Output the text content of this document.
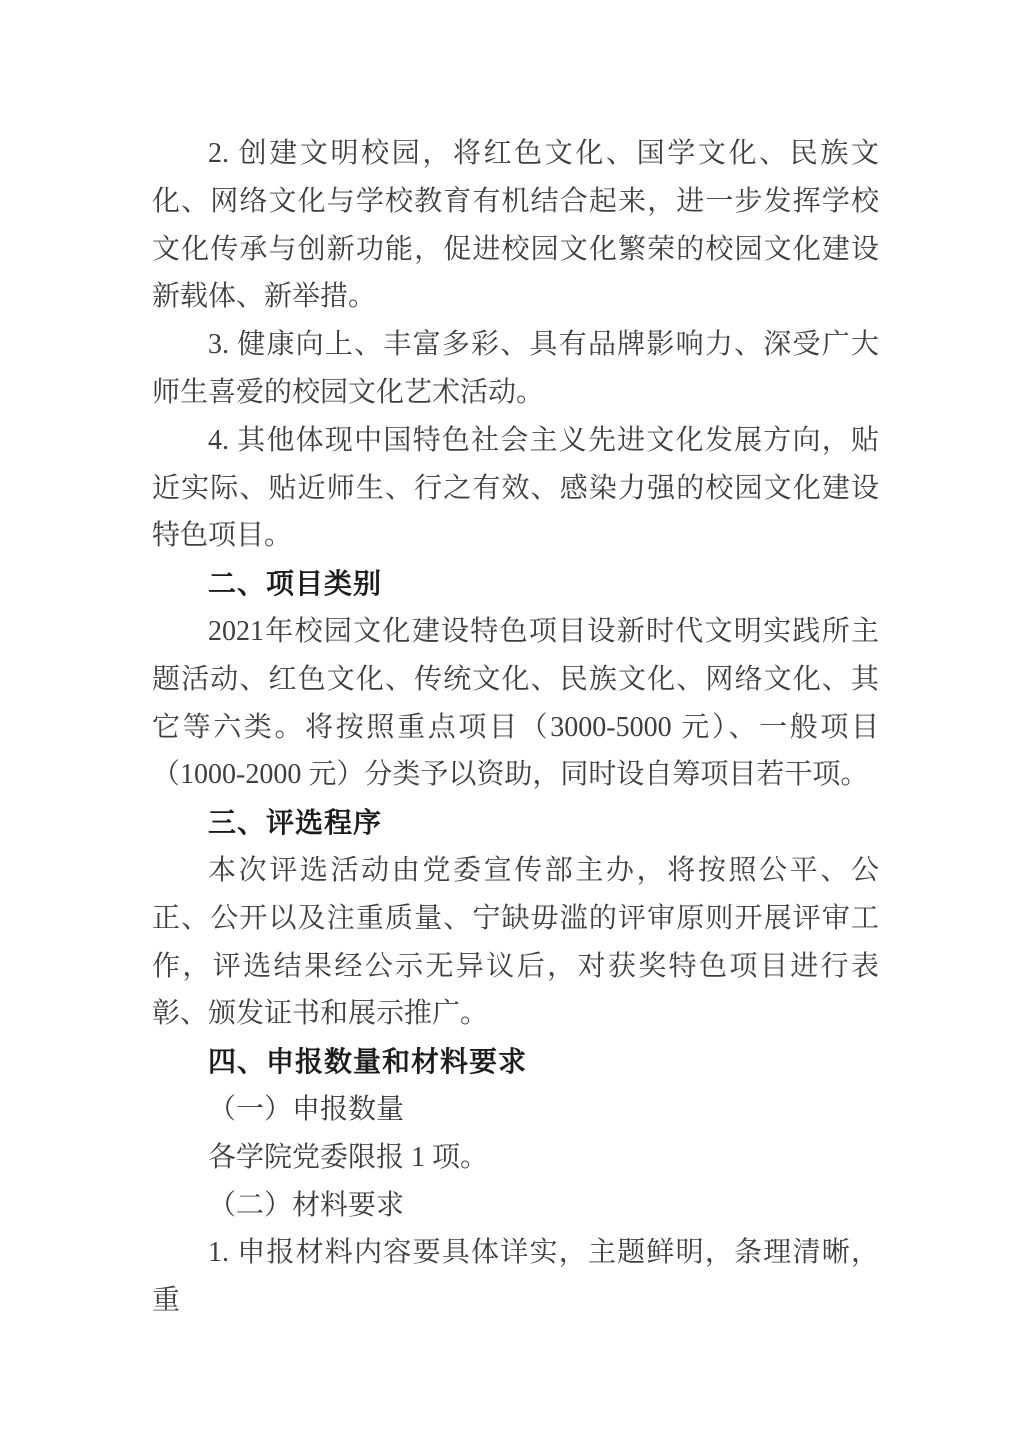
2. 创建文明校园，将红色文化、国学文化、民族文化、网络文化与学校教育有机结合起来，进一步发挥学校文化传承与创新功能，促进校园文化繁荣的校园文化建设新载体、新举措。

3. 健康向上、丰富多彩、具有品牌影响力、深受广大师生喜爱的校园文化艺术活动。

4. 其他体现中国特色社会主义先进文化发展方向，贴近实际、贴近师生、行之有效、感染力强的校园文化建设特色项目。

二、项目类别

2021年校园文化建设特色项目设新时代文明实践所主题活动、红色文化、传统文化、民族文化、网络文化、其它等六类。将按照重点项目（3000-5000 元）、一般项目（1000-2000 元）分类予以资助，同时设自筹项目若干项。

三、评选程序

本次评选活动由党委宣传部主办，将按照公平、公正、公开以及注重质量、宁缺毋滥的评审原则开展评审工作，评选结果经公示无异议后，对获奖特色项目进行表彰、颁发证书和展示推广。

四、申报数量和材料要求
（一）申报数量

各学院党委限报 1 项。

（二）材料要求

1. 申报材料内容要具体详实，主题鲜明，条理清晰，重
